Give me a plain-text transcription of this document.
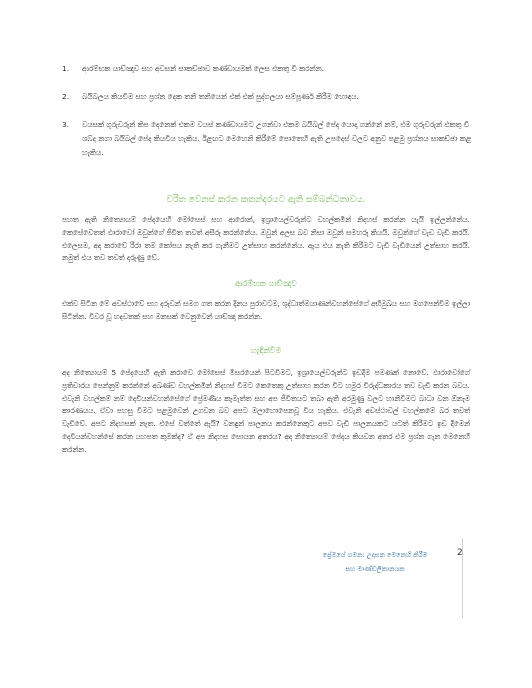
1.	ආරම්භක යාච්ඤාව සහ අවසන් සාකච්ඡාව කණ්ඩායමක් ලෙස එකතු වී කරන්න.
2.	බයිබලය කියවීම සහ ප්‍රශ්න දෙක තනි තනියෙන් එක් එක් පුද්ගලයා සම්පූර්ණ කිරීම හොඳය.
3.	වයසක් ගුරුවරුන් කිප දෙනෙක් එකම වයස් කණ්ඩායමට උගන්වා එකම බයිබල් පේද යොදා ගන්නේ නම්, එම ගුරුවරුන් එකතු වී ශබ්ද නගා බයිබල් පේද කියවිය හැකිය. ඊළඟට මෙහෙනි කිරීමේ පොතෙහි ඇති උපදෙස් වලට අනුව පළමු ප්‍රශ්නය සාකච්ඡා කළ හැකිය.
චරිත වෙනස් කරන කතන්දරයට ඇති සම්බන්ධතාවය.
පහත ඇති නිත්‍යොයම් පේදයෙහි මෝසෙස් සහ ආරොන්, ඉශ්‍රායෙල්වරුන්ට වහල්කමින් නිදහස් කරන්න යැයි ඉල්ලන්නේය. කෙසේවෙතත් ඵාරාවෝ ඔවුන්ගේ ජීවිත තවත් අසීරු කරන්නේය. ඔවුන් අලස බව නිසා ඔවුන් සමහරු කියයි. ඔවුන්ගේ වැඩ වැඩි කරයි. එලෙසම, අද කරාවේ රීරා තම කෝපය නැති කර ගැනීමට උත්සාහ කරන්නේය. ඇය එය නැති කිරීමට වැඩි වැඩියෙන් උත්සාහ කරයි. නමුත් එය තව තවත් දරුණු වේ.
ආරම්භක යාච්ඤාව
එක්ව සිටින මේ අවස්ථාවේ සහ දරුවන් සමග ගත කරන දිනය පුරාවටම, ශුද්ධාත්මයාණන්වහන්සේගේ අභිමුඛය සහ මගපෙන්වීම ඉල්ලා සිටින්න. විවර වූ හදවතක් සහ මනසක් වෙනුවෙන් යාච්ඤා කරන්න.
හැඳින්වීම
අද නිත්‍යොයම් 5 පේදයෙහි ඇති කරාවෙ මෝසෙස් මීසරයෙන් පිටවීමට, ඉශ්‍රායෙල්වරුන්ට ඉඩදීම පමණක් නොවේ. ඵාරාවෝගේ ප්‍රතිචාරය පෙන්නුම් කරන්නේ අඛණ්ඩ වහල්කමින් නිදහස් වීමට කෙතෙකු උත්සාහ කරන විට හමුර විරුද්ධකාරය තව වැඩි කරන බවය. එවැනි වහල්කම් නම් දෙවියන්වහන්සේගේ ප්‍රේමණීය කැමැත්ත සහ අප ජීවිතයට තබා ඇති අරමුණු වලට හානිවීමට බාධා වන ඕනෑම කාරණයය. ඒවා පහසු වීමට පළමුවෙන් උගවන බව අපට මලාහොපෙනවූ විය හැකිය. එවැනි අවස්ථාවල් වහල්කමේ බර තවත් වැඩිවේ. අපට නිදහසක් නැත. එසේ වත්තේ ඇයි? වනඳුන් පාලනය කරන්නෙකුට අපව වැඩි පාලනයකට යටත් කිරීමට ඉඩ දීමෙන් දෙවියන්වහන්සේ කරන යහපත කුමක්ද? ඒ අප නිදහස සොයන අතරය? අද නිත්‍යොයම් පේදය කියවන අතර එම ප්‍රශ්න ගැන මෙනෙහි කරන්න.
ප්‍රේමයේ ගමන: උදාසන මෙනෙහි කිරීම
සහ මාණ්ඩලිකානයක
2
